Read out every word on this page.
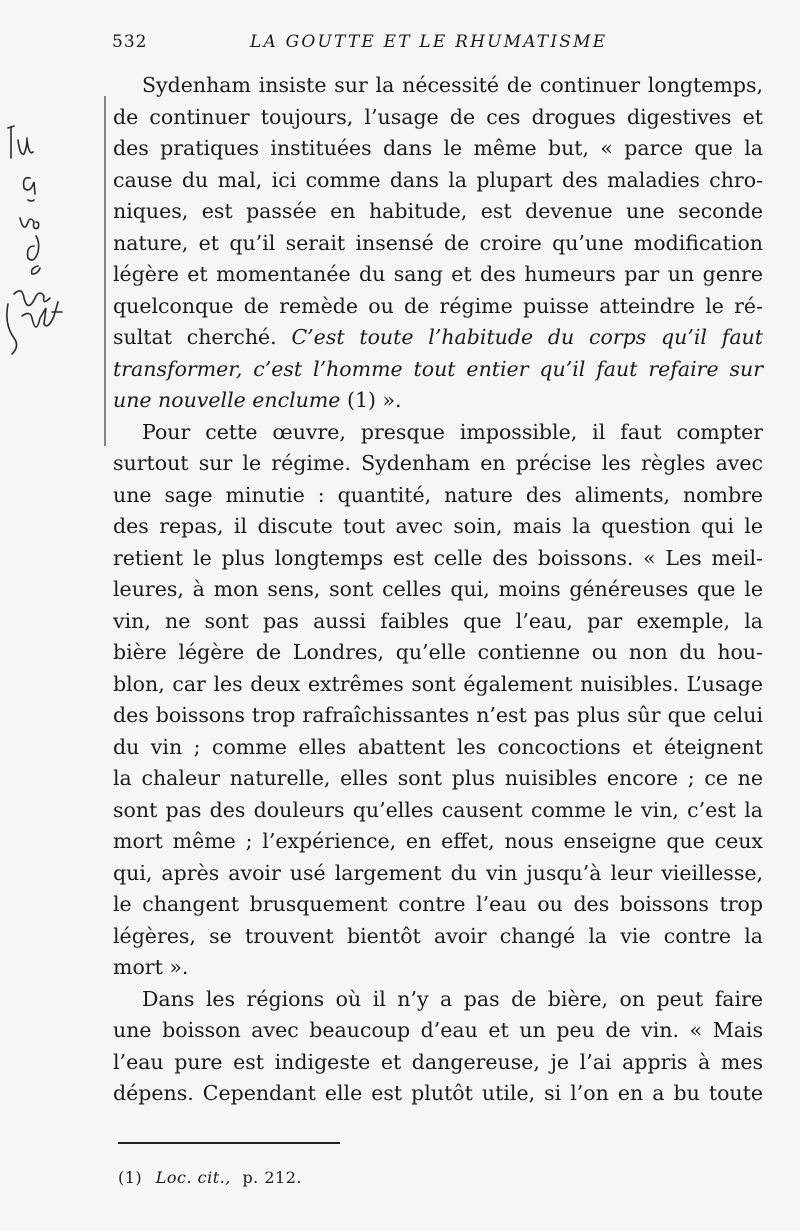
532	LA GOUTTE ET LE RHUMATISME
Sydenham insiste sur la nécessité de continuer longtemps,
de continuer toujours, l’usage de ces drogues digestives et
des pratiques instituées dans le même but, « parce que la
cause du mal, ici comme dans la plupart des maladies chro-
niques, est passée en habitude, est devenue une seconde
nature, et qu’il serait insensé de croire qu’une modification
légère et momentanée du sang et des humeurs par un genre
quelconque de remède ou de régime puisse atteindre le ré-
sultat cherché. C’est toute l’habitude du corps qu’il faut
transformer, c’est l’homme tout entier qu’il faut refaire sur
une nouvelle enclume (1) ».
Pour cette œuvre, presque impossible, il faut compter
surtout sur le régime. Sydenham en précise les règles avec
une sage minutie : quantité, nature des aliments, nombre
des repas, il discute tout avec soin, mais la question qui le
retient le plus longtemps est celle des boissons. « Les meil-
leures, à mon sens, sont celles qui, moins généreuses que le
vin, ne sont pas aussi faibles que l’eau, par exemple, la
bière légère de Londres, qu’elle contienne ou non du hou-
blon, car les deux extrêmes sont également nuisibles. L’usage
des boissons trop rafraîchissantes n’est pas plus sûr que celui
du vin ; comme elles abattent les concoctions et éteignent
la chaleur naturelle, elles sont plus nuisibles encore ; ce ne
sont pas des douleurs qu’elles causent comme le vin, c’est la
mort même ; l’expérience, en effet, nous enseigne que ceux
qui, après avoir usé largement du vin jusqu’à leur vieillesse,
le changent brusquement contre l’eau ou des boissons trop
légères, se trouvent bientôt avoir changé la vie contre la
mort ».
Dans les régions où il n’y a pas de bière, on peut faire
une boisson avec beaucoup d’eau et un peu de vin. « Mais
l’eau pure est indigeste et dangereuse, je l’ai appris à mes
dépens. Cependant elle est plutôt utile, si l’on en a bu toute
(1) Loc. cit., p. 212.
